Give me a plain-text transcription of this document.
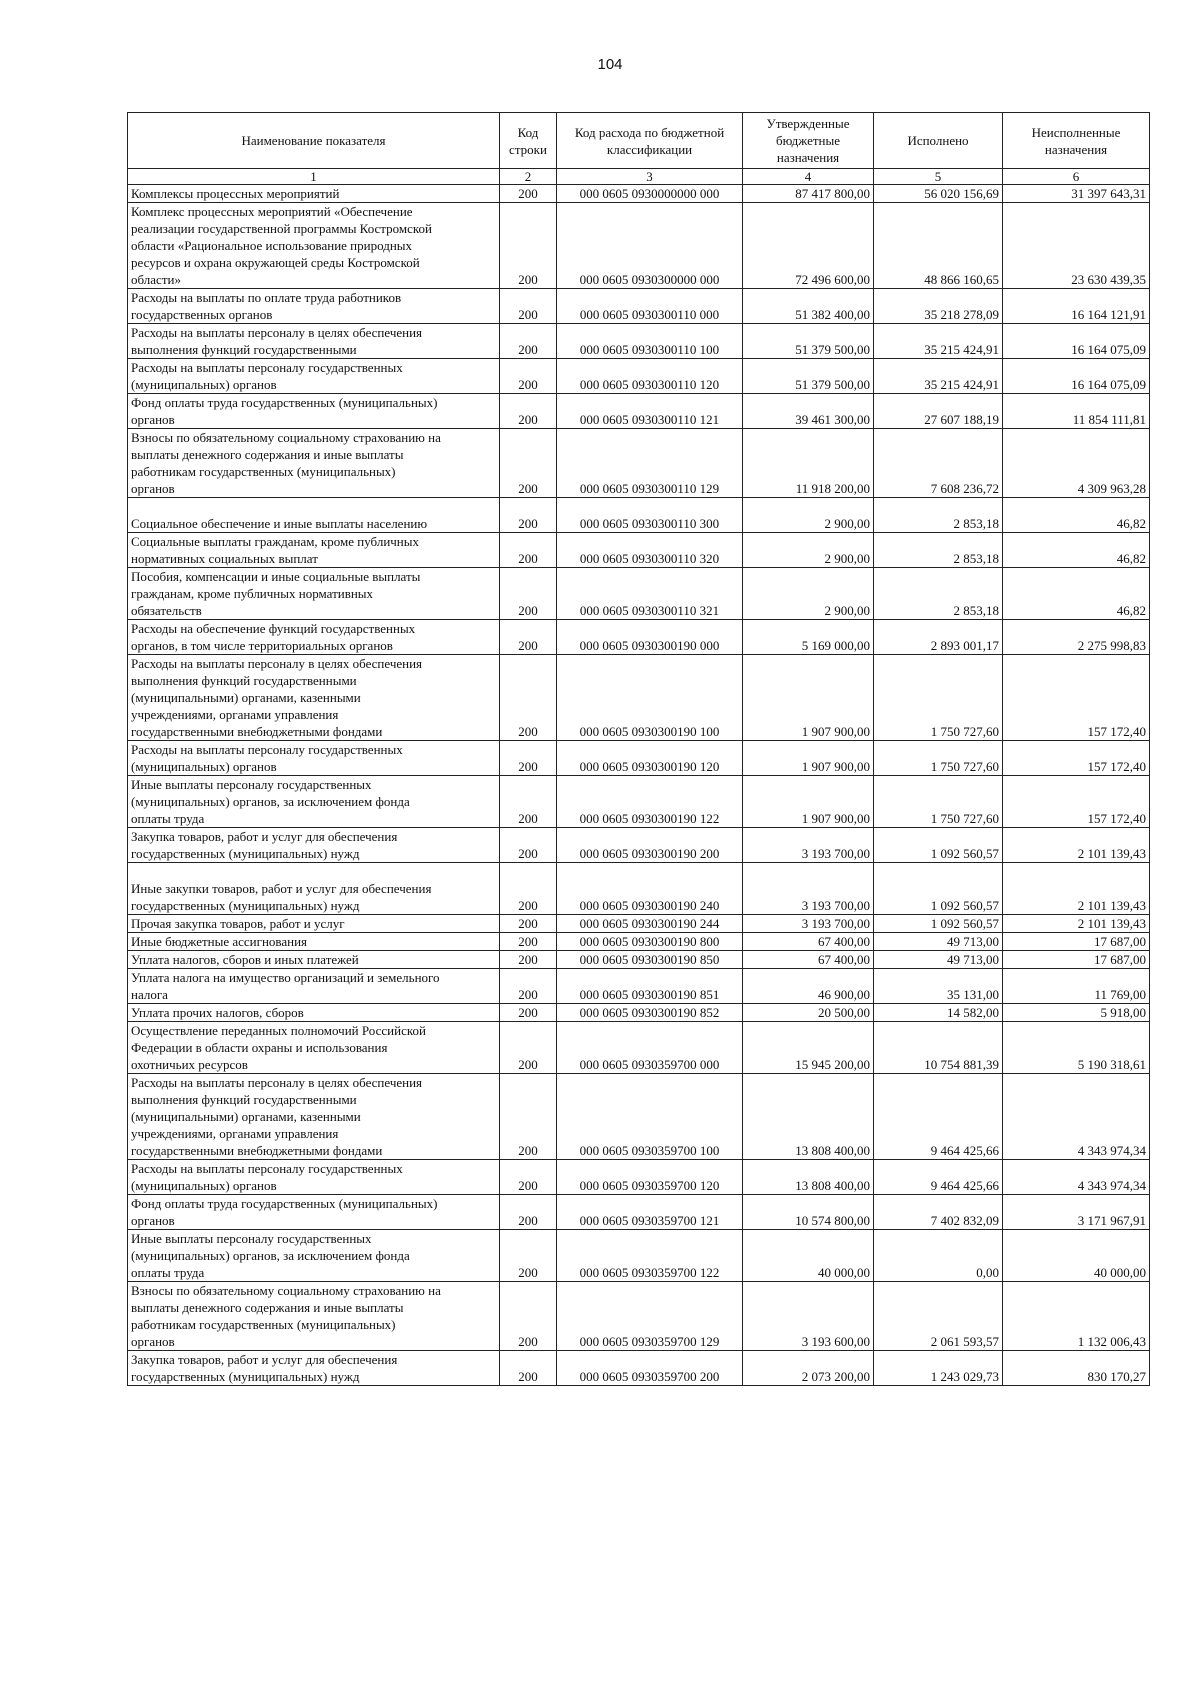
104
Наименование показателя	Код строки	Код расхода по бюджетной классификации	Утвержденные бюджетные назначения	Исполнено	Неисполненные назначения
1	2	3	4	5	6
Комплексы процессных мероприятий	200	000 0605 0930000000 000	87 417 800,00	56 020 156,69	31 397 643,31
Комплекс процессных мероприятий «Обеспечение
реализации государственной программы Костромской
области «Рациональное использование природных
ресурсов и охрана окружающей среды Костромской
области»	200	000 0605 0930300000 000	72 496 600,00	48 866 160,65	23 630 439,35
Расходы на выплаты по оплате труда работников
государственных органов	200	000 0605 0930300110 000	51 382 400,00	35 218 278,09	16 164 121,91
Расходы на выплаты персоналу в целях обеспечения
выполнения функций государственными	200	000 0605 0930300110 100	51 379 500,00	35 215 424,91	16 164 075,09
Расходы на выплаты персоналу государственных
(муниципальных) органов	200	000 0605 0930300110 120	51 379 500,00	35 215 424,91	16 164 075,09
Фонд оплаты труда государственных (муниципальных)
органов	200	000 0605 0930300110 121	39 461 300,00	27 607 188,19	11 854 111,81
Взносы по обязательному социальному страхованию на
выплаты денежного содержания и иные выплаты
работникам государственных (муниципальных)
органов	200	000 0605 0930300110 129	11 918 200,00	7 608 236,72	4 309 963,28

Социальное обеспечение и иные выплаты населению	200	000 0605 0930300110 300	2 900,00	2 853,18	46,82
Социальные выплаты гражданам, кроме публичных
нормативных социальных выплат	200	000 0605 0930300110 320	2 900,00	2 853,18	46,82
Пособия, компенсации и иные социальные выплаты
гражданам, кроме публичных нормативных
обязательств	200	000 0605 0930300110 321	2 900,00	2 853,18	46,82
Расходы на обеспечение функций государственных
органов, в том числе территориальных органов	200	000 0605 0930300190 000	5 169 000,00	2 893 001,17	2 275 998,83
Расходы на выплаты персоналу в целях обеспечения
выполнения функций государственными
(муниципальными) органами, казенными
учреждениями, органами управления
государственными внебюджетными фондами	200	000 0605 0930300190 100	1 907 900,00	1 750 727,60	157 172,40
Расходы на выплаты персоналу государственных
(муниципальных) органов	200	000 0605 0930300190 120	1 907 900,00	1 750 727,60	157 172,40
Иные выплаты персоналу государственных
(муниципальных) органов, за исключением фонда
оплаты труда	200	000 0605 0930300190 122	1 907 900,00	1 750 727,60	157 172,40
Закупка товаров, работ и услуг для обеспечения
государственных (муниципальных) нужд	200	000 0605 0930300190 200	3 193 700,00	1 092 560,57	2 101 139,43

Иные закупки товаров, работ и услуг для обеспечения
государственных (муниципальных) нужд	200	000 0605 0930300190 240	3 193 700,00	1 092 560,57	2 101 139,43
Прочая закупка товаров, работ и услуг	200	000 0605 0930300190 244	3 193 700,00	1 092 560,57	2 101 139,43
Иные бюджетные ассигнования	200	000 0605 0930300190 800	67 400,00	49 713,00	17 687,00
Уплата налогов, сборов и иных платежей	200	000 0605 0930300190 850	67 400,00	49 713,00	17 687,00
Уплата налога на имущество организаций и земельного
налога	200	000 0605 0930300190 851	46 900,00	35 131,00	11 769,00
Уплата прочих налогов, сборов	200	000 0605 0930300190 852	20 500,00	14 582,00	5 918,00
Осуществление переданных полномочий Российской
Федерации в области охраны и использования
охотничьих ресурсов	200	000 0605 0930359700 000	15 945 200,00	10 754 881,39	5 190 318,61
Расходы на выплаты персоналу в целях обеспечения
выполнения функций государственными
(муниципальными) органами, казенными
учреждениями, органами управления
государственными внебюджетными фондами	200	000 0605 0930359700 100	13 808 400,00	9 464 425,66	4 343 974,34
Расходы на выплаты персоналу государственных
(муниципальных) органов	200	000 0605 0930359700 120	13 808 400,00	9 464 425,66	4 343 974,34
Фонд оплаты труда государственных (муниципальных)
органов	200	000 0605 0930359700 121	10 574 800,00	7 402 832,09	3 171 967,91
Иные выплаты персоналу государственных
(муниципальных) органов, за исключением фонда
оплаты труда	200	000 0605 0930359700 122	40 000,00	0,00	40 000,00
Взносы по обязательному социальному страхованию на
выплаты денежного содержания и иные выплаты
работникам государственных (муниципальных)
органов	200	000 0605 0930359700 129	3 193 600,00	2 061 593,57	1 132 006,43
Закупка товаров, работ и услуг для обеспечения
государственных (муниципальных) нужд	200	000 0605 0930359700 200	2 073 200,00	1 243 029,73	830 170,27
